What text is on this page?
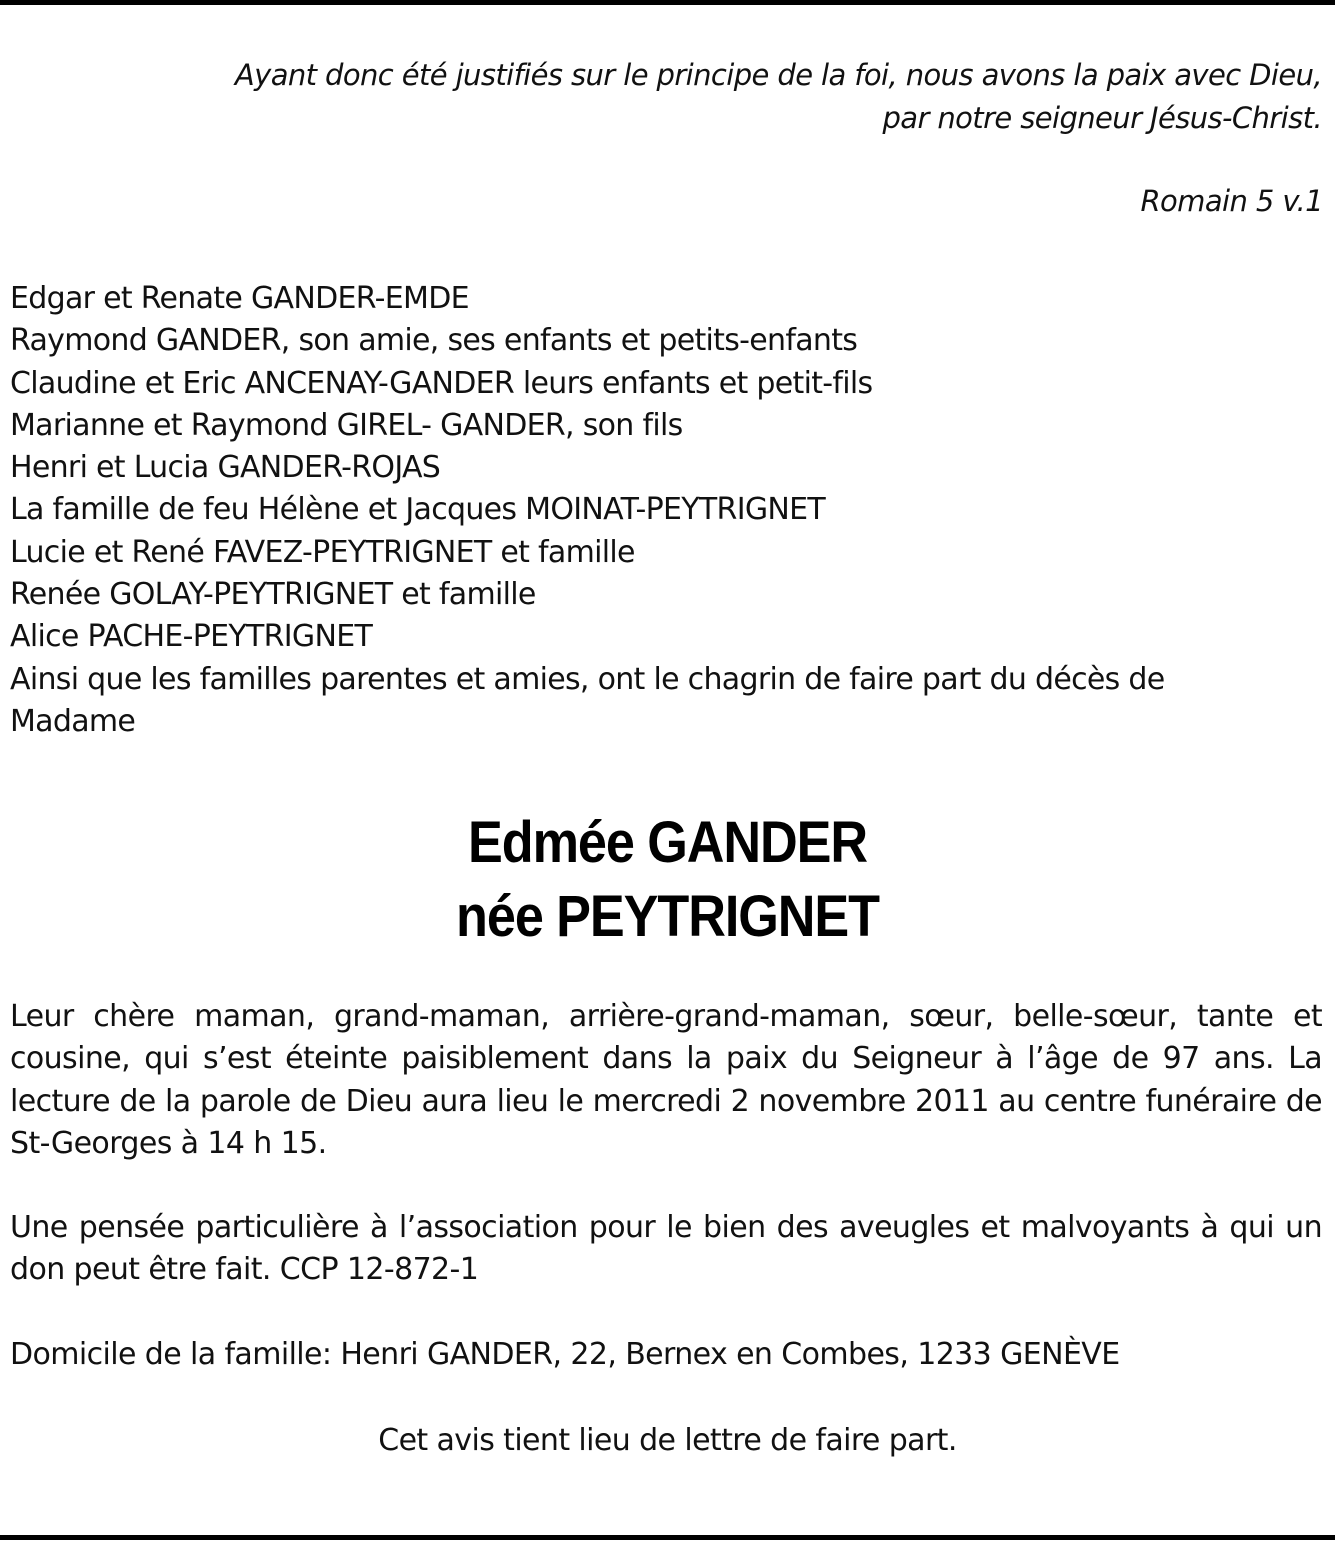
Ayant donc été justifiés sur le principe de la foi, nous avons la paix avec Dieu,
par notre seigneur Jésus-Christ.
Romain 5 v.1
Edgar et Renate GANDER-EMDE
Raymond GANDER, son amie, ses enfants et petits-enfants
Claudine et Eric ANCENAY-GANDER leurs enfants et petit-fils
Marianne et Raymond GIREL- GANDER, son fils
Henri et Lucia GANDER-ROJAS
La famille de feu Hélène et Jacques MOINAT-PEYTRIGNET
Lucie et René FAVEZ-PEYTRIGNET et famille
Renée GOLAY-PEYTRIGNET et famille
Alice PACHE-PEYTRIGNET
Ainsi que les familles parentes et amies, ont le chagrin de faire part du décès de
Madame
Edmée GANDER
née PEYTRIGNET
Leur chère maman, grand-maman, arrière-grand-maman, sœur, belle-sœur, tante et cousine, qui s’est éteinte paisiblement dans la paix du Seigneur à l’âge de 97 ans. La lecture de la parole de Dieu aura lieu le mercredi 2 novembre 2011 au centre funéraire de St-Georges à 14 h 15.
Une pensée particulière à l’association pour le bien des aveugles et malvoyants à qui un don peut être fait. CCP 12-872-1
Domicile de la famille: Henri GANDER, 22, Bernex en Combes, 1233 GENÈVE
Cet avis tient lieu de lettre de faire part.
